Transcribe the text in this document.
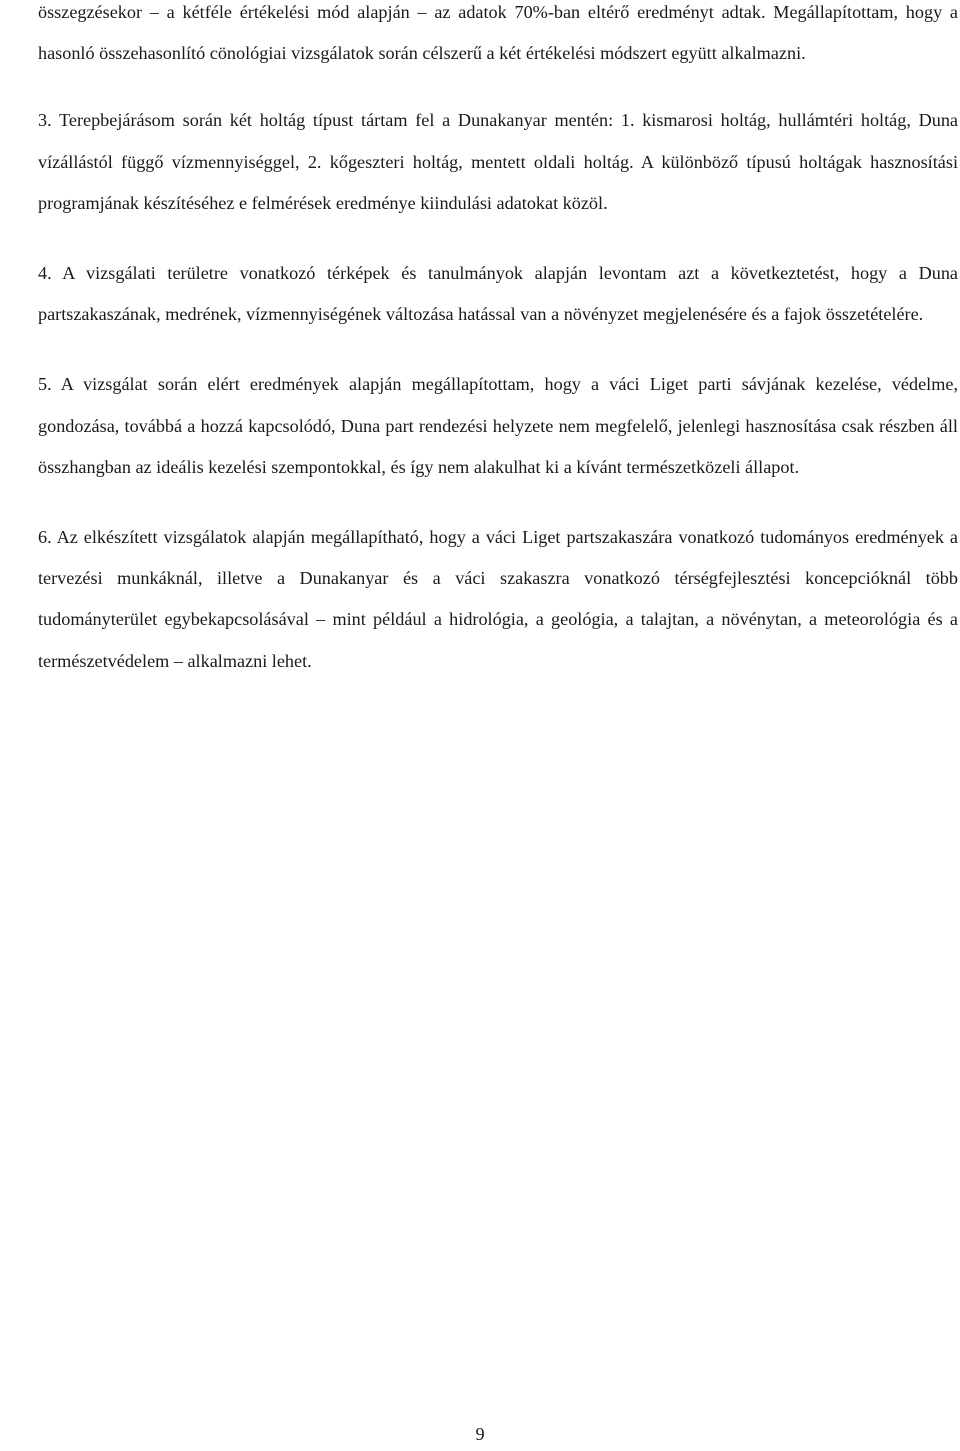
összegzésekor – a kétféle értékelési mód alapján – az adatok 70%-ban eltérő eredményt adtak. Megállapítottam, hogy a hasonló összehasonlító cönológiai vizsgálatok során célszerű a két értékelési módszert együtt alkalmazni.

3. Terepbejárásom során két holtág típust tártam fel a Dunakanyar mentén: 1. kismarosi holtág, hullámtéri holtág, Duna vízállástól függő vízmennyiséggel, 2. kőgeszteri holtág, mentett oldali holtág. A különböző típusú holtágak hasznosítási programjának készítéséhez e felmérések eredménye kiindulási adatokat közöl.

4. A vizsgálati területre vonatkozó térképek és tanulmányok alapján levontam azt a következtetést, hogy a Duna partszakaszának, medrének, vízmennyiségének változása hatással van a növényzet megjelenésére és a fajok összetételére.

5. A vizsgálat során elért eredmények alapján megállapítottam, hogy a váci Liget parti sávjának kezelése, védelme, gondozása, továbbá a hozzá kapcsolódó, Duna part rendezési helyzete nem megfelelő, jelenlegi hasznosítása csak részben áll összhangban az ideális kezelési szempontokkal, és így nem alakulhat ki a kívánt természetközeli állapot.

6. Az elkészített vizsgálatok alapján megállapítható, hogy a váci Liget partszakaszára vonatkozó tudományos eredmények a tervezési munkáknál, illetve a Dunakanyar és a váci szakaszra vonatkozó térségfejlesztési koncepcióknál több tudományterület egybekapcsolásával – mint például a hidrológia, a geológia, a talajtan, a növénytan, a meteorológia és a természetvédelem – alkalmazni lehet.

9
